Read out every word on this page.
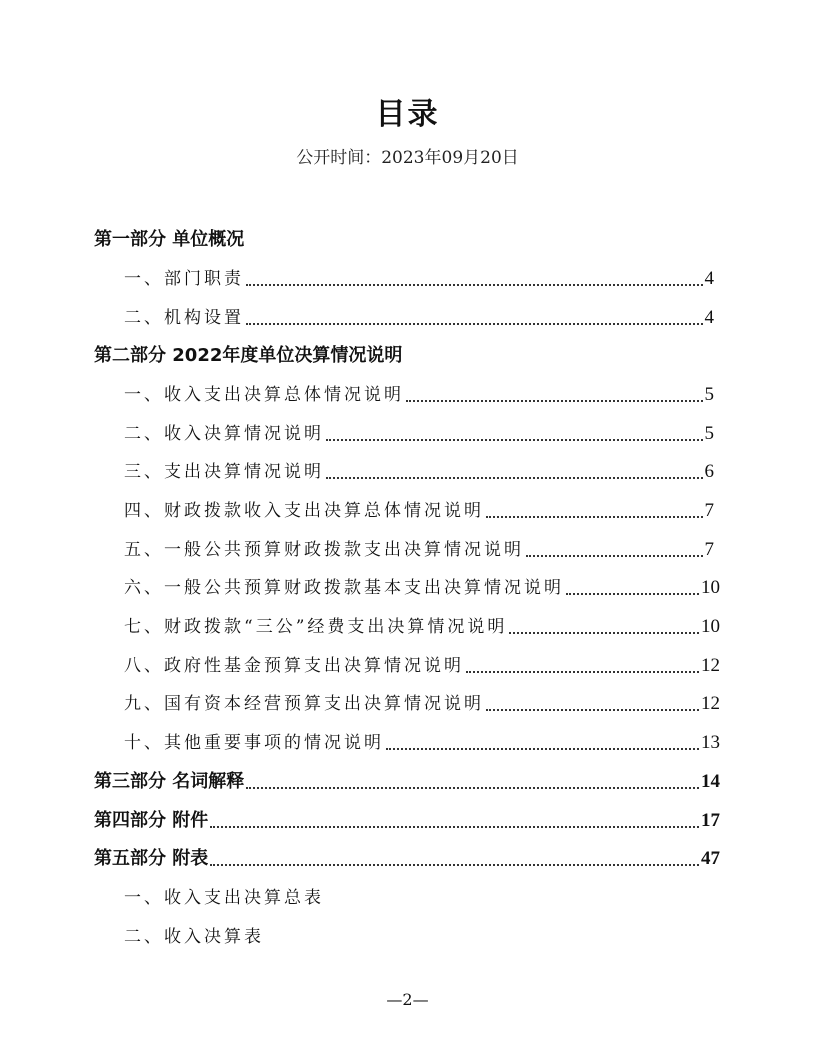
目录
公开时间：2023年09月20日
第一部分 单位概况
一、部门职责	4
二、机构设置	4
第二部分 2022年度单位决算情况说明
一、收入支出决算总体情况说明	5
二、收入决算情况说明	5
三、支出决算情况说明	6
四、财政拨款收入支出决算总体情况说明	7
五、一般公共预算财政拨款支出决算情况说明	7
六、一般公共预算财政拨款基本支出决算情况说明	10
七、财政拨款“三公”经费支出决算情况说明	10
八、政府性基金预算支出决算情况说明	12
九、国有资本经营预算支出决算情况说明	12
十、其他重要事项的情况说明	13
第三部分 名词解释	14
第四部分 附件	17
第五部分 附表	47
一、收入支出决算总表
二、收入决算表
—2—
